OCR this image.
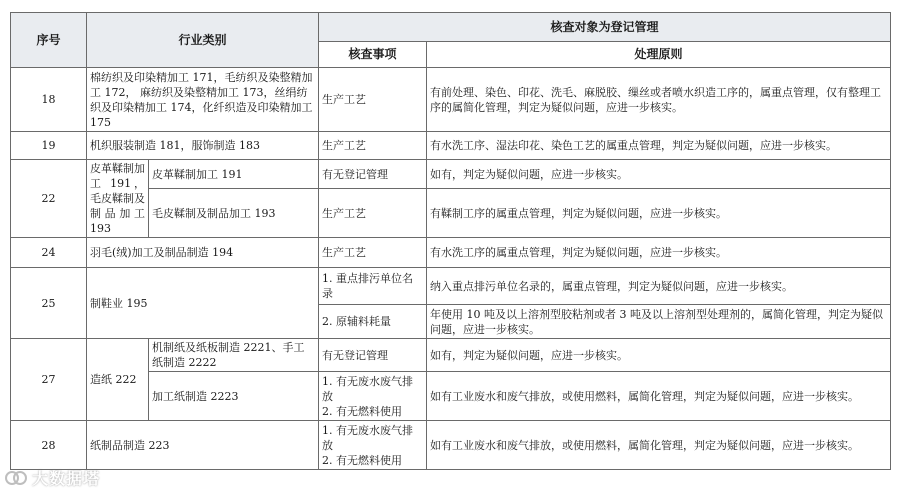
序号	行业类别		核查对象为登记管理	
			核查事项	处理原则
18	棉纺织及印染精加工 171，毛纺织及染整精加工 172， 麻纺织及染整精加工 173，丝绢纺织及印染精加工 174，化纤织造及印染精加工 175		生产工艺	有前处理、染色、印花、洗毛、麻脱胶、缫丝或者喷水织造工序的，属重点管理，仅有整理工序的属简化管理，判定为疑似问题，应进一步核实。
19	机织服装制造 181，服饰制造 183		生产工艺	有水洗工序、湿法印花、染色工艺的属重点管理，判定为疑似问题，应进一步核实。
22	皮革鞣制加工 191，毛皮鞣制及制品加工 193	皮革鞣制加工 191	有无登记管理	如有，判定为疑似问题，应进一步核实。
		毛皮鞣制及制品加工 193	生产工艺	有鞣制工序的属重点管理，判定为疑似问题，应进一步核实。
24	羽毛(绒)加工及制品制造 194		生产工艺	有水洗工序的属重点管理，判定为疑似问题，应进一步核实。
25	制鞋业 195		1. 重点排污单位名录	纳入重点排污单位名录的，属重点管理，判定为疑似问题，应进一步核实。
			2. 原辅料耗量	年使用 10 吨及以上溶剂型胶粘剂或者 3 吨及以上溶剂型处理剂的，属简化管理，判定为疑似问题，应进一步核实。
27	造纸 222	机制纸及纸板制造 2221、手工纸制造 2222	有无登记管理	如有，判定为疑似问题，应进一步核实。
		加工纸制造 2223	1. 有无废水废气排放
2. 有无燃料使用	如有工业废水和废气排放，或使用燃料，属简化管理，判定为疑似问题，应进一步核实。
28	纸制品制造 223		1. 有无废水废气排放
2. 有无燃料使用	如有工业废水和废气排放，或使用燃料，属简化管理，判定为疑似问题，应进一步核实。
大数据塔
